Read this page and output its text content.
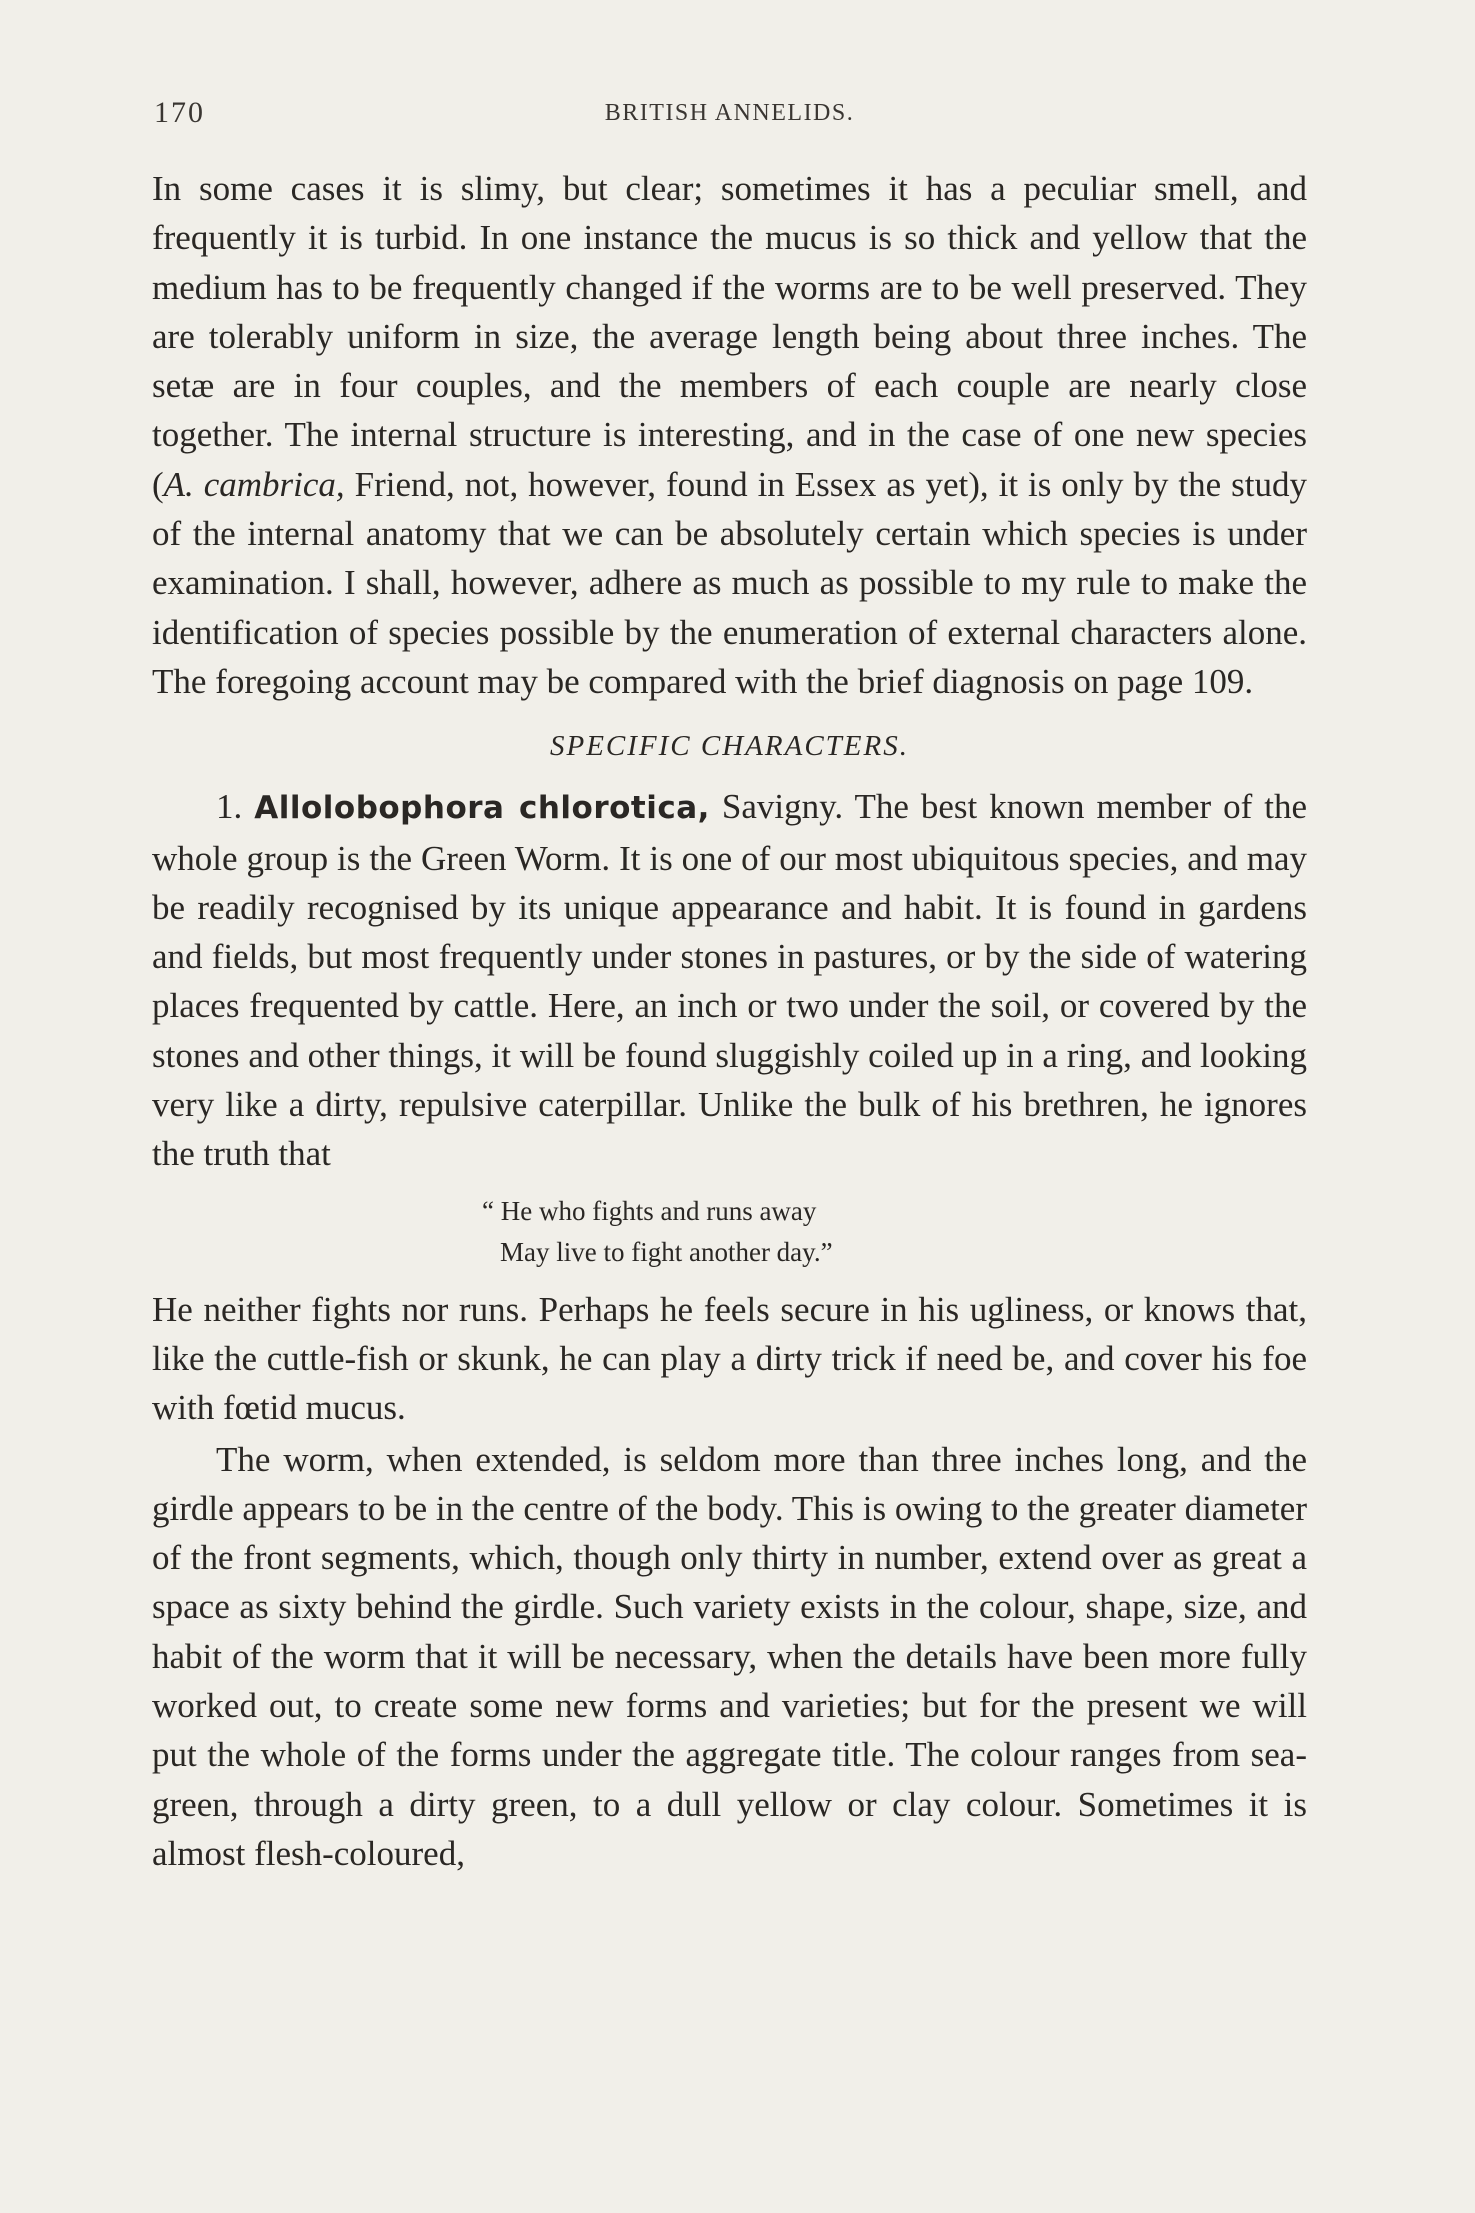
170	BRITISH ANNELIDS.

In some cases it is slimy, but clear; sometimes it has a peculiar smell, and frequently it is turbid. In one instance the mucus is so thick and yellow that the medium has to be frequently changed if the worms are to be well preserved. They are tolerably uniform in size, the average length being about three inches. The setæ are in four couples, and the members of each couple are nearly close together. The internal structure is interesting, and in the case of one new species (A. cambrica, Friend, not, however, found in Essex as yet), it is only by the study of the internal anatomy that we can be absolutely certain which species is under examination. I shall, however, adhere as much as possible to my rule to make the identification of species possible by the enumeration of external characters alone. The foregoing account may be compared with the brief diagnosis on page 109.

SPECIFIC CHARACTERS.

1. Allolobophora chlorotica, Savigny. The best known member of the whole group is the Green Worm. It is one of our most ubiquitous species, and may be readily recognised by its unique appearance and habit. It is found in gardens and fields, but most frequently under stones in pastures, or by the side of watering places frequented by cattle. Here, an inch or two under the soil, or covered by the stones and other things, it will be found sluggishly coiled up in a ring, and looking very like a dirty, repulsive caterpillar. Unlike the bulk of his brethren, he ignores the truth that

“ He who fights and runs away
May live to fight another day.”

He neither fights nor runs. Perhaps he feels secure in his ugliness, or knows that, like the cuttle-fish or skunk, he can play a dirty trick if need be, and cover his foe with fœtid mucus.

The worm, when extended, is seldom more than three inches long, and the girdle appears to be in the centre of the body. This is owing to the greater diameter of the front segments, which, though only thirty in number, extend over as great a space as sixty behind the girdle. Such variety exists in the colour, shape, size, and habit of the worm that it will be necessary, when the details have been more fully worked out, to create some new forms and varieties; but for the present we will put the whole of the forms under the aggregate title. The colour ranges from sea-green, through a dirty green, to a dull yellow or clay colour. Sometimes it is almost flesh-coloured,
